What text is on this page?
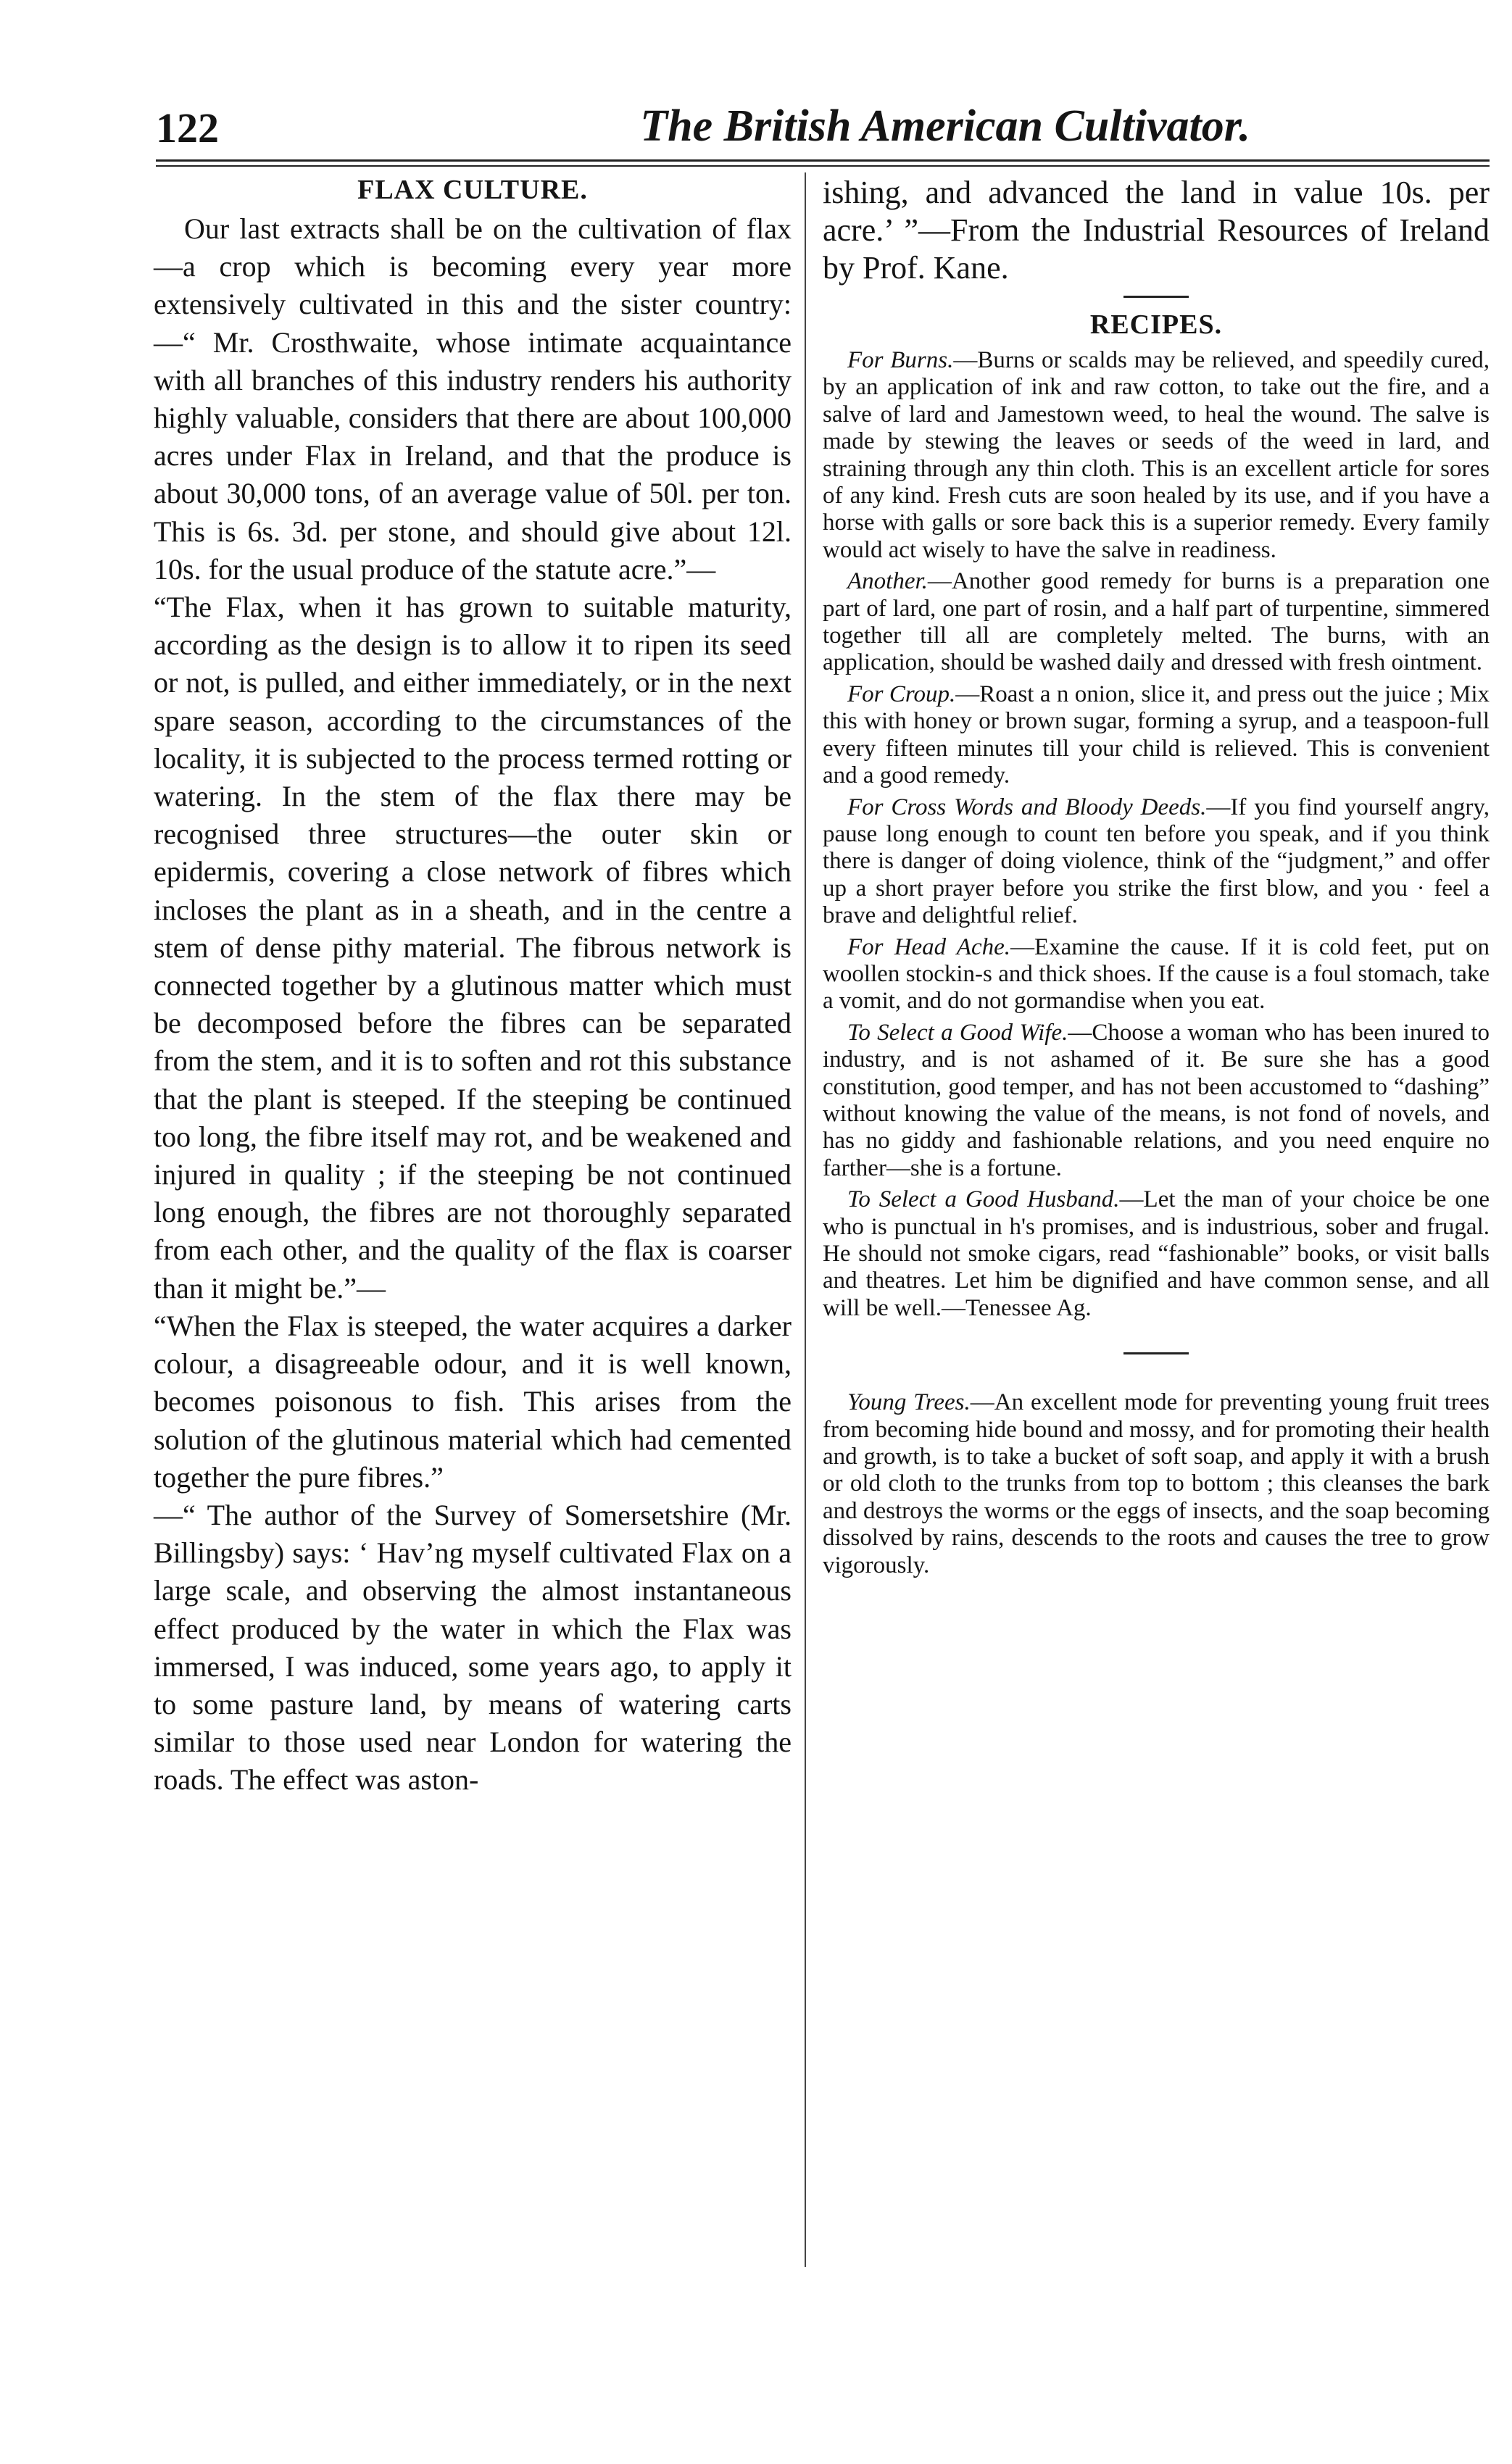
122	The British American Cultivator.
FLAX CULTURE.

Our last extracts shall be on the cultivation of flax—a crop which is becoming every year more extensively cultivated in this and the sister country:—“ Mr. Crosthwaite, whose intimate acquaintance with all branches of this industry renders his authority highly valuable, considers that there are about 100,000 acres under Flax in Ireland, and that the produce is about 30,000 tons, of an average value of 50l. per ton. This is 6s. 3d. per stone, and should give about 12l. 10s. for the usual produce of the statute acre.”—

“The Flax, when it has grown to suitable maturity, according as the design is to allow it to ripen its seed or not, is pulled, and either immediately, or in the next spare season, according to the circumstances of the locality, it is subjected to the process termed rotting or watering. In the stem of the flax there may be recognised three structures—the outer skin or epidermis, covering a close network of fibres which incloses the plant as in a sheath, and in the centre a stem of dense pithy material. The fibrous network is connected together by a glutinous matter which must be decomposed before the fibres can be separated from the stem, and it is to soften and rot this substance that the plant is steeped. If the steeping be continued too long, the fibre itself may rot, and be weakened and injured in quality ; if the steeping be not continued long enough, the fibres are not thoroughly separated from each other, and the quality of the flax is coarser than it might be.”—

“When the Flax is steeped, the water acquires a darker colour, a disagreeable odour, and it is well known, becomes poisonous to fish. This arises from the solution of the glutinous material which had cemented together the pure fibres.”

—“ The author of the Survey of Somersetshire (Mr. Billingsby) says: ‘ Hav’ng myself cultivated Flax on a large scale, and observing the almost instantaneous effect produced by the water in which the Flax was immersed, I was induced, some years ago, to apply it to some pasture land, by means of watering carts similar to those used near London for watering the roads. The effect was aston-

ishing, and advanced the land in value 10s. per acre.’ ”—From the Industrial Resources of Ireland by Prof. Kane.

RECIPES.

For Burns.—Burns or scalds may be relieved, and speedily cured, by an application of ink and raw cotton, to take out the fire, and a salve of lard and Jamestown weed, to heal the wound. The salve is made by stewing the leaves or seeds of the weed in lard, and straining through any thin cloth. This is an excellent article for sores of any kind. Fresh cuts are soon healed by its use, and if you have a horse with galls or sore back this is a superior remedy. Every family would act wisely to have the salve in readiness.

Another.—Another good remedy for burns is a preparation one part of lard, one part of rosin, and a half part of turpentine, simmered together till all are completely melted. The burns, with an application, should be washed daily and dressed with fresh ointment.

For Croup.—Roast a n onion, slice it, and press out the juice ; Mix this with honey or brown sugar, forming a syrup, and a teaspoon-full every fifteen minutes till your child is relieved. This is convenient and a good remedy.

For Cross Words and Bloody Deeds.—If you find yourself angry, pause long enough to count ten before you speak, and if you think there is danger of doing violence, think of the “judgment,” and offer up a short prayer before you strike the first blow, and you · feel a brave and delightful relief.

For Head Ache.—Examine the cause. If it is cold feet, put on woollen stockin-s and thick shoes. If the cause is a foul stomach, take a vomit, and do not gormandise when you eat.

To Select a Good Wife.—Choose a woman who has been inured to industry, and is not ashamed of it. Be sure she has a good constitution, good temper, and has not been accustomed to “dashing” without knowing the value of the means, is not fond of novels, and has no giddy and fashionable relations, and you need enquire no farther—she is a fortune.

To Select a Good Husband.—Let the man of your choice be one who is punctual in h's promises, and is industrious, sober and frugal. He should not smoke cigars, read “fashionable” books, or visit balls and theatres. Let him be dignified and have common sense, and all will be well.—Tenessee Ag.

Young Trees.—An excellent mode for preventing young fruit trees from becoming hide bound and mossy, and for promoting their health and growth, is to take a bucket of soft soap, and apply it with a brush or old cloth to the trunks from top to bottom ; this cleanses the bark and destroys the worms or the eggs of insects, and the soap becoming dissolved by rains, descends to the roots and causes the tree to grow vigorously.
